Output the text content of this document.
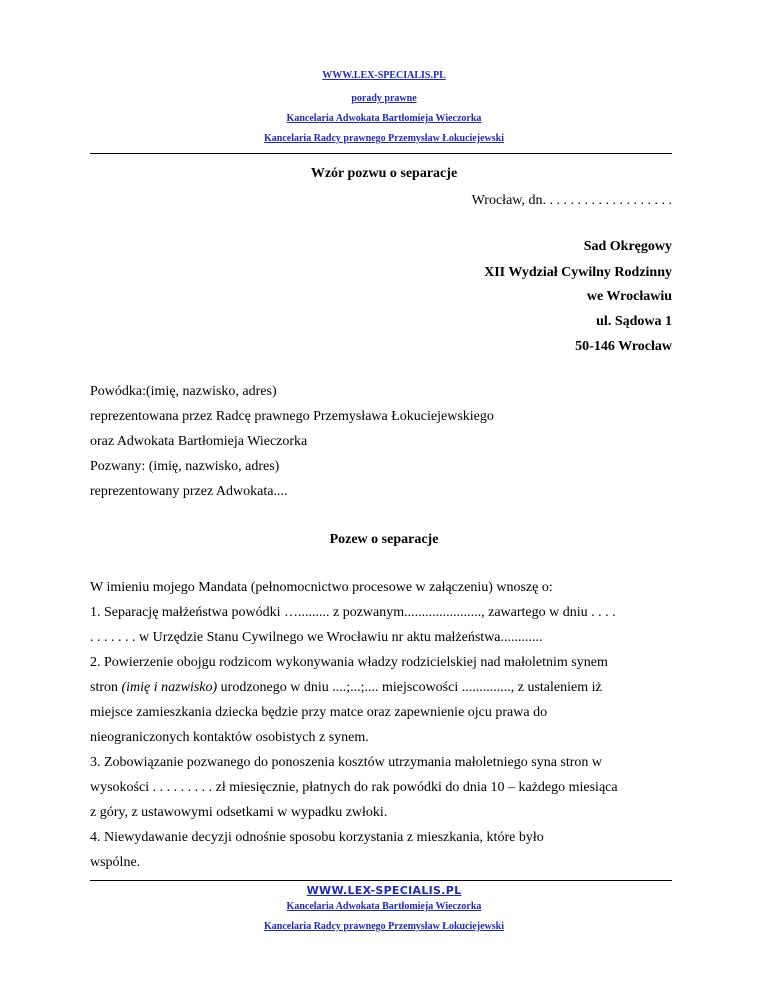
WWW.LEX-SPECIALIS.PL
porady prawne
Kancelaria Adwokata Bartłomieja Wieczorka
Kancelaria Radcy prawnego Przemysław Łokuciejewski
Wzór pozwu o separacje
Wrocław, dn. . . . . . . . . . . . . . . . . . .
Sad Okręgowy
XII Wydział Cywilny Rodzinny
we Wrocławiu
ul. Sądowa 1
50-146 Wrocław
Powódka:(imię, nazwisko, adres)
reprezentowana przez Radcę prawnego Przemysława Łokuciejewskiego
oraz Adwokata Bartłomieja Wieczorka
Pozwany: (imię, nazwisko, adres)
reprezentowany przez Adwokata....
Pozew o separacje
W imieniu mojego Mandata (pełnomocnictwo procesowe w załączeniu) wnoszę o:
1. Separację małżeństwa powódki …......... z pozwanym......................, zawartego w dniu . . . .
. . . . . . . w Urzędzie Stanu Cywilnego we Wrocławiu nr aktu małżeństwa............
2. Powierzenie obojgu rodzicom wykonywania władzy rodzicielskiej nad małoletnim synem
stron (imię i nazwisko) urodzonego w dniu ....;...;.... miejscowości .............., z ustaleniem iż
miejsce zamieszkania dziecka będzie przy matce oraz zapewnienie ojcu prawa do
nieograniczonych kontaktów osobistych z synem.
3. Zobowiązanie pozwanego do ponoszenia kosztów utrzymania małoletniego syna stron w
wysokości . . . . . . . . . zł miesięcznie, płatnych do rak powódki do dnia 10 – każdego miesiąca
z góry, z ustawowymi odsetkami w wypadku zwłoki.
4. Niewydawanie decyzji odnośnie sposobu korzystania z mieszkania, które było
wspólne.
WWW.LEX-SPECIALIS.PL
Kancelaria Adwokata Bartłomieja Wieczorka
Kancelaria Radcy prawnego Przemysław Łokuciejewski
